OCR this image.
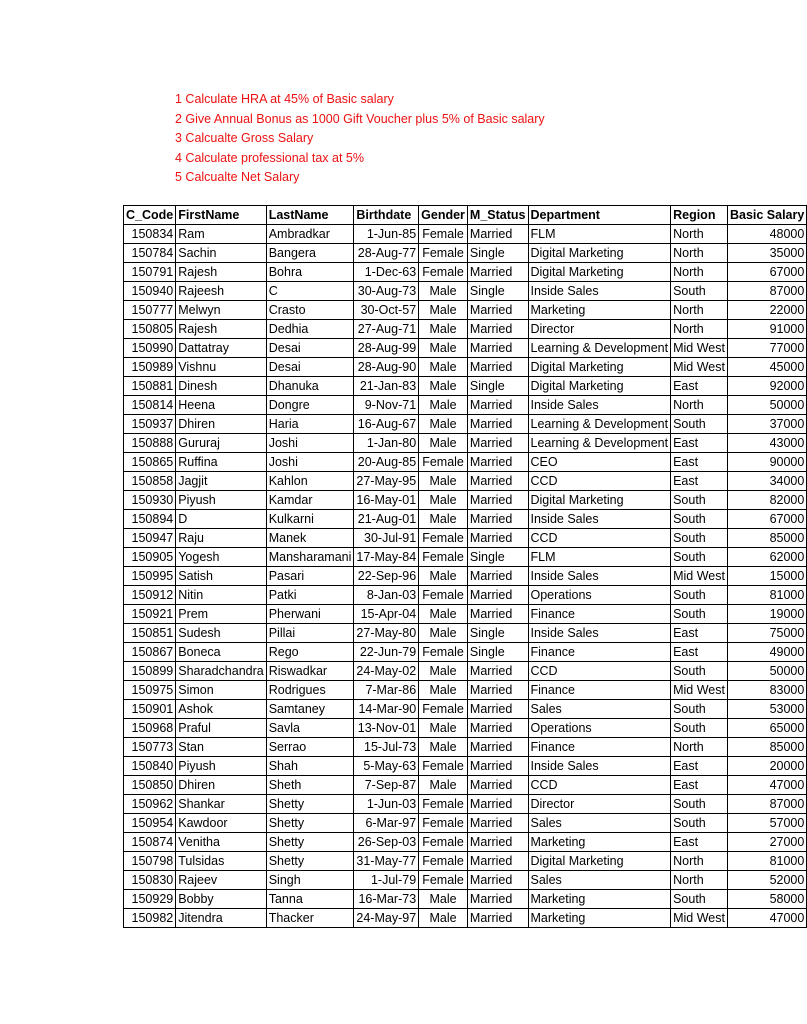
1 Calculate HRA at 45% of Basic salary
2 Give Annual Bonus as 1000 Gift Voucher plus 5% of Basic salary
3 Calcualte Gross Salary
4 Calculate professional tax at 5%
5 Calcualte Net Salary
C_Code	FirstName	LastName	Birthdate	Gender	M_Status	Department	Region	Basic Salary
150834	Ram	Ambradkar	1-Jun-85	Female	Married	FLM	North	48000
150784	Sachin	Bangera	28-Aug-77	Female	Single	Digital Marketing	North	35000
150791	Rajesh	Bohra	1-Dec-63	Female	Married	Digital Marketing	North	67000
150940	Rajeesh	C	30-Aug-73	Male	Single	Inside Sales	South	87000
150777	Melwyn	Crasto	30-Oct-57	Male	Married	Marketing	North	22000
150805	Rajesh	Dedhia	27-Aug-71	Male	Married	Director	North	91000
150990	Dattatray	Desai	28-Aug-99	Male	Married	Learning & Development	Mid West	77000
150989	Vishnu	Desai	28-Aug-90	Male	Married	Digital Marketing	Mid West	45000
150881	Dinesh	Dhanuka	21-Jan-83	Male	Single	Digital Marketing	East	92000
150814	Heena	Dongre	9-Nov-71	Male	Married	Inside Sales	North	50000
150937	Dhiren	Haria	16-Aug-67	Male	Married	Learning & Development	South	37000
150888	Gururaj	Joshi	1-Jan-80	Male	Married	Learning & Development	East	43000
150865	Ruffina	Joshi	20-Aug-85	Female	Married	CEO	East	90000
150858	Jagjit	Kahlon	27-May-95	Male	Married	CCD	East	34000
150930	Piyush	Kamdar	16-May-01	Male	Married	Digital Marketing	South	82000
150894	D	Kulkarni	21-Aug-01	Male	Married	Inside Sales	South	67000
150947	Raju	Manek	30-Jul-91	Female	Married	CCD	South	85000
150905	Yogesh	Mansharamani	17-May-84	Female	Single	FLM	South	62000
150995	Satish	Pasari	22-Sep-96	Male	Married	Inside Sales	Mid West	15000
150912	Nitin	Patki	8-Jan-03	Female	Married	Operations	South	81000
150921	Prem	Pherwani	15-Apr-04	Male	Married	Finance	South	19000
150851	Sudesh	Pillai	27-May-80	Male	Single	Inside Sales	East	75000
150867	Boneca	Rego	22-Jun-79	Female	Single	Finance	East	49000
150899	Sharadchandra	Riswadkar	24-May-02	Male	Married	CCD	South	50000
150975	Simon	Rodrigues	7-Mar-86	Male	Married	Finance	Mid West	83000
150901	Ashok	Samtaney	14-Mar-90	Female	Married	Sales	South	53000
150968	Praful	Savla	13-Nov-01	Male	Married	Operations	South	65000
150773	Stan	Serrao	15-Jul-73	Male	Married	Finance	North	85000
150840	Piyush	Shah	5-May-63	Female	Married	Inside Sales	East	20000
150850	Dhiren	Sheth	7-Sep-87	Male	Married	CCD	East	47000
150962	Shankar	Shetty	1-Jun-03	Female	Married	Director	South	87000
150954	Kawdoor	Shetty	6-Mar-97	Female	Married	Sales	South	57000
150874	Venitha	Shetty	26-Sep-03	Female	Married	Marketing	East	27000
150798	Tulsidas	Shetty	31-May-77	Female	Married	Digital Marketing	North	81000
150830	Rajeev	Singh	1-Jul-79	Female	Married	Sales	North	52000
150929	Bobby	Tanna	16-Mar-73	Male	Married	Marketing	South	58000
150982	Jitendra	Thacker	24-May-97	Male	Married	Marketing	Mid West	47000
